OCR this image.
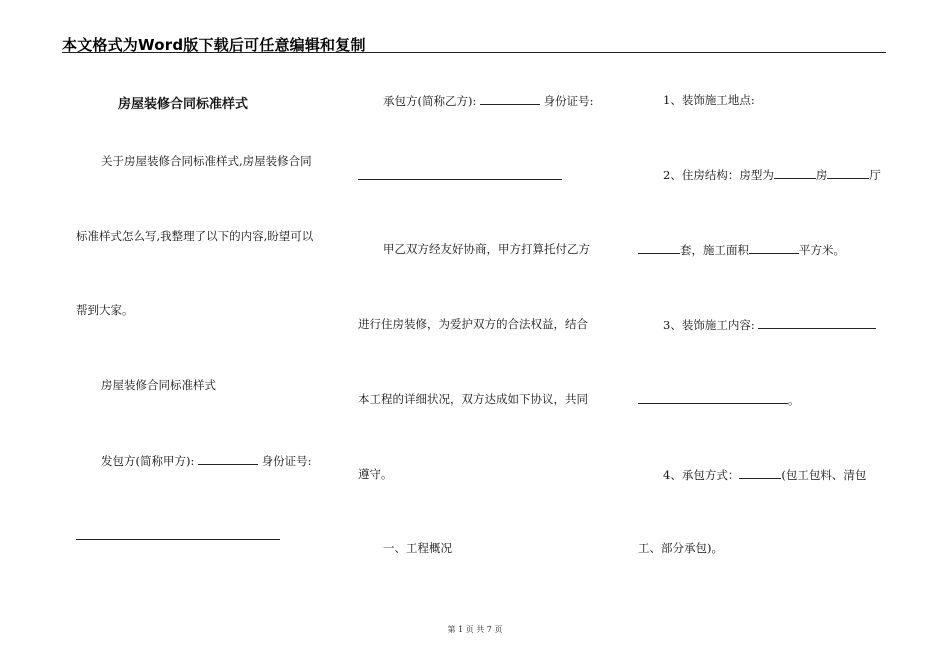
本文格式为Word版下载后可任意编辑和复制
房屋装修合同标准样式
关于房屋装修合同标准样式,房屋装修合同
标准样式怎么写,我整理了以下的内容,盼望可以
帮到大家。
房屋装修合同标准样式
发包方(简称甲方):	身份证号:
承包方(简称乙方):	身份证号:
甲乙双方经友好协商，甲方打算托付乙方
进行住房装修，为爱护双方的合法权益，结合
本工程的详细状况，双方达成如下协议，共同
遵守。
一、工程概况
1、装饰施工地点:
2、住房结构：房型为	房	厅
套，施工面积	平方米。
3、装饰施工内容:
。
4、承包方式：	(包工包料、清包
工、部分承包)。
第 1 页 共 7 页
